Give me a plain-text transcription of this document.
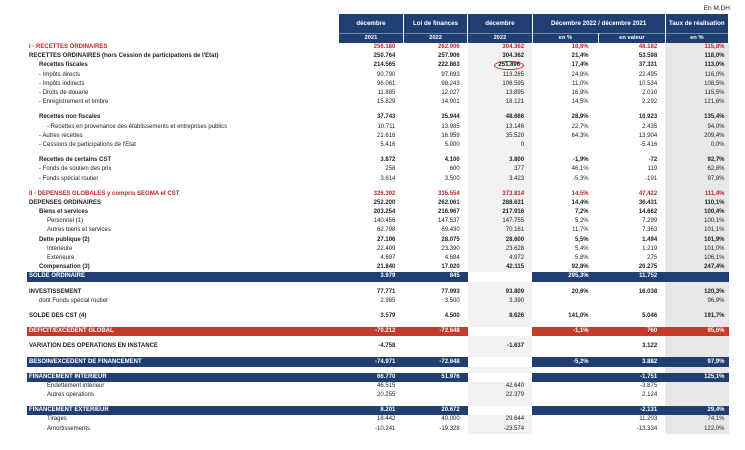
En M.DH
	décembre	Loi de finances	décembre	Décembre 2022 / décembre 2021		Taux de réalisation
	2021	2022	2022	en %	en valeur	en %
I - RECETTES ORDINAIRES	256.180	262.906	304.362	18,8%	48.182	115,8%
RECETTES ORDINAIRES (hors Cession de participations de l'Etat)	250.764	257.906	304.362	21,4%	53.598	118,0%
Recettes fiscales	214.565	222.863	251.896	17,4%	37.331	113,0%
- Impôts directs	90.790	97.693	113.285	24,8%	22.495	116,0%
- Impôts indirects	96.061	98.243	106.595	11,0%	10.534	108,5%
- Droits de douane	11.885	12.027	13.895	16,9%	2.010	115,5%
- Enregistrement et timbre	15.829	14.901	18.121	14,5%	2.292	121,6%

Recettes non fiscales	37.743	35.944	48.666	28,9%	10.923	135,4%
- Recettes en provenance des établissements et entreprises publics	10.711	13.985	13.146	22,7%	2.435	94,0%
- Autres recettes	21.616	16.959	35.520	64,3%	13.904	209,4%
- Cessions de participations de l'Etat	5.416	5.000	0		-5.416	0,0%

Recettes de certains CST	3.872	4.100	3.800	-1,9%	-72	92,7%
- Fonds de soutien des prix	258	600	377	46,1%	119	62,8%
- Fonds spécial routier	3.614	3.500	3.423	-5,3%	-191	97,8%

II - DEPENSES GLOBALES y compris SEGMA et CST	326.392	335.554	373.814	14,5%	47.422	111,4%
DEPENSES ORDINAIRES	252.200	262.061	288.631	14,4%	36.431	110,1%
Biens et services	203.254	216.967	217.916	7,2%	14.662	100,4%
Personnel (1)	140.456	147.537	147.755	5,2%	7.299	100,1%
Autres biens et services	62.798	69.430	70.161	11,7%	7.363	101,1%
Dette publique (2)	27.106	28.075	28.600	5,5%	1.494	101,9%
Intérieure	22.409	23.390	23.628	5,4%	1.219	101,0%
Extérieure	4.697	4.684	4.972	5,8%	275	106,1%
Compensation (3)	21.840	17.020	42.115	92,8%	20.275	247,4%
SOLDE ORDINAIRE	3.979	845	15.731	295,3%	11.752	

INVESTISSEMENT	77.771	77.993	93.809	20,6%	16.038	120,3%
dont Fonds spécial routier	2.985	3.500	3.390			96,9%

SOLDE DES CST (4)	3.579	4.500	8.626	141,0%	5.046	191,7%

DEFICIT/EXCEDENT GLOBAL	-70.212	-72.648	-69.452	-1,1%	760	95,6%

VARIATION DES OPERATIONS EN INSTANCE	-4.758		-1.637		3.122	

BESOIN/EXCEDENT DE FINANCEMENT	-74.971	-72.648	-71.088	-5,2%	3.882	97,9%

FINANCEMENT INTERIEUR	66.770	51.976	65.019		-1.751	125,1%
Endettement intérieur	46.515		42.640		-3.875	
Autres opérations	20.255		22.379		2.124	

FINANCEMENT EXTERIEUR	8.201	20.672	6.070		-2.131	29,4%
Tirages	18.442	40.000	29.644		11.203	74,1%
Amortissements	-10.241	-19.328	-23.574		-13.334	122,0%
